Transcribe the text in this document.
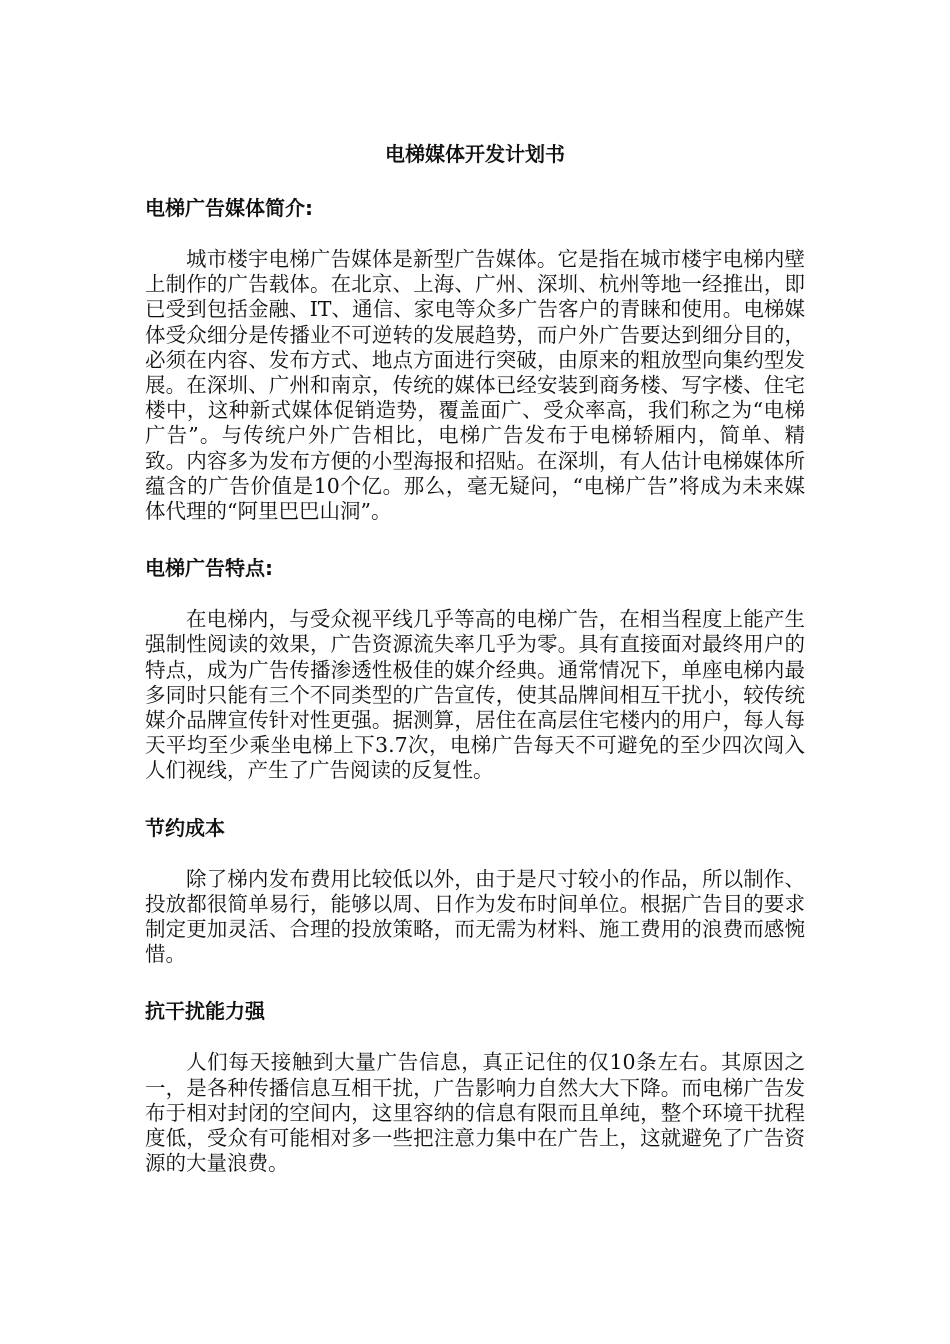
电梯媒体开发计划书
电梯广告媒体简介:

城市楼宇电梯广告媒体是新型广告媒体。它是指在城市楼宇电梯内壁上制作的广告载体。在北京、上海、广州、深圳、杭州等地一经推出，即已受到包括金融、IT、通信、家电等众多广告客户的青睐和使用。电梯媒体受众细分是传播业不可逆转的发展趋势，而户外广告要达到细分目的，必须在内容、发布方式、地点方面进行突破，由原来的粗放型向集约型发展。在深圳、广州和南京，传统的媒体已经安装到商务楼、写字楼、住宅楼中，这种新式媒体促销造势，覆盖面广、受众率高，我们称之为“电梯广告”。与传统户外广告相比，电梯广告发布于电梯轿厢内，简单、精致。内容多为发布方便的小型海报和招贴。在深圳，有人估计电梯媒体所蕴含的广告价值是10个亿。那么，毫无疑问，“电梯广告”将成为未来媒体代理的“阿里巴巴山洞”。

电梯广告特点:

在电梯内，与受众视平线几乎等高的电梯广告，在相当程度上能产生强制性阅读的效果，广告资源流失率几乎为零。具有直接面对最终用户的特点，成为广告传播渗透性极佳的媒介经典。通常情况下，单座电梯内最多同时只能有三个不同类型的广告宣传，使其品牌间相互干扰小，较传统媒介品牌宣传针对性更强。据测算，居住在高层住宅楼内的用户，每人每天平均至少乘坐电梯上下3.7次，电梯广告每天不可避免的至少四次闯入人们视线，产生了广告阅读的反复性。

节约成本

除了梯内发布费用比较低以外，由于是尺寸较小的作品，所以制作、投放都很简单易行，能够以周、日作为发布时间单位。根据广告目的要求制定更加灵活、合理的投放策略，而无需为材料、施工费用的浪费而感惋惜。

抗干扰能力强

人们每天接触到大量广告信息，真正记住的仅10条左右。其原因之一，是各种传播信息互相干扰，广告影响力自然大大下降。而电梯广告发布于相对封闭的空间内，这里容纳的信息有限而且单纯，整个环境干扰程度低，受众有可能相对多一些把注意力集中在广告上，这就避免了广告资源的大量浪费。
